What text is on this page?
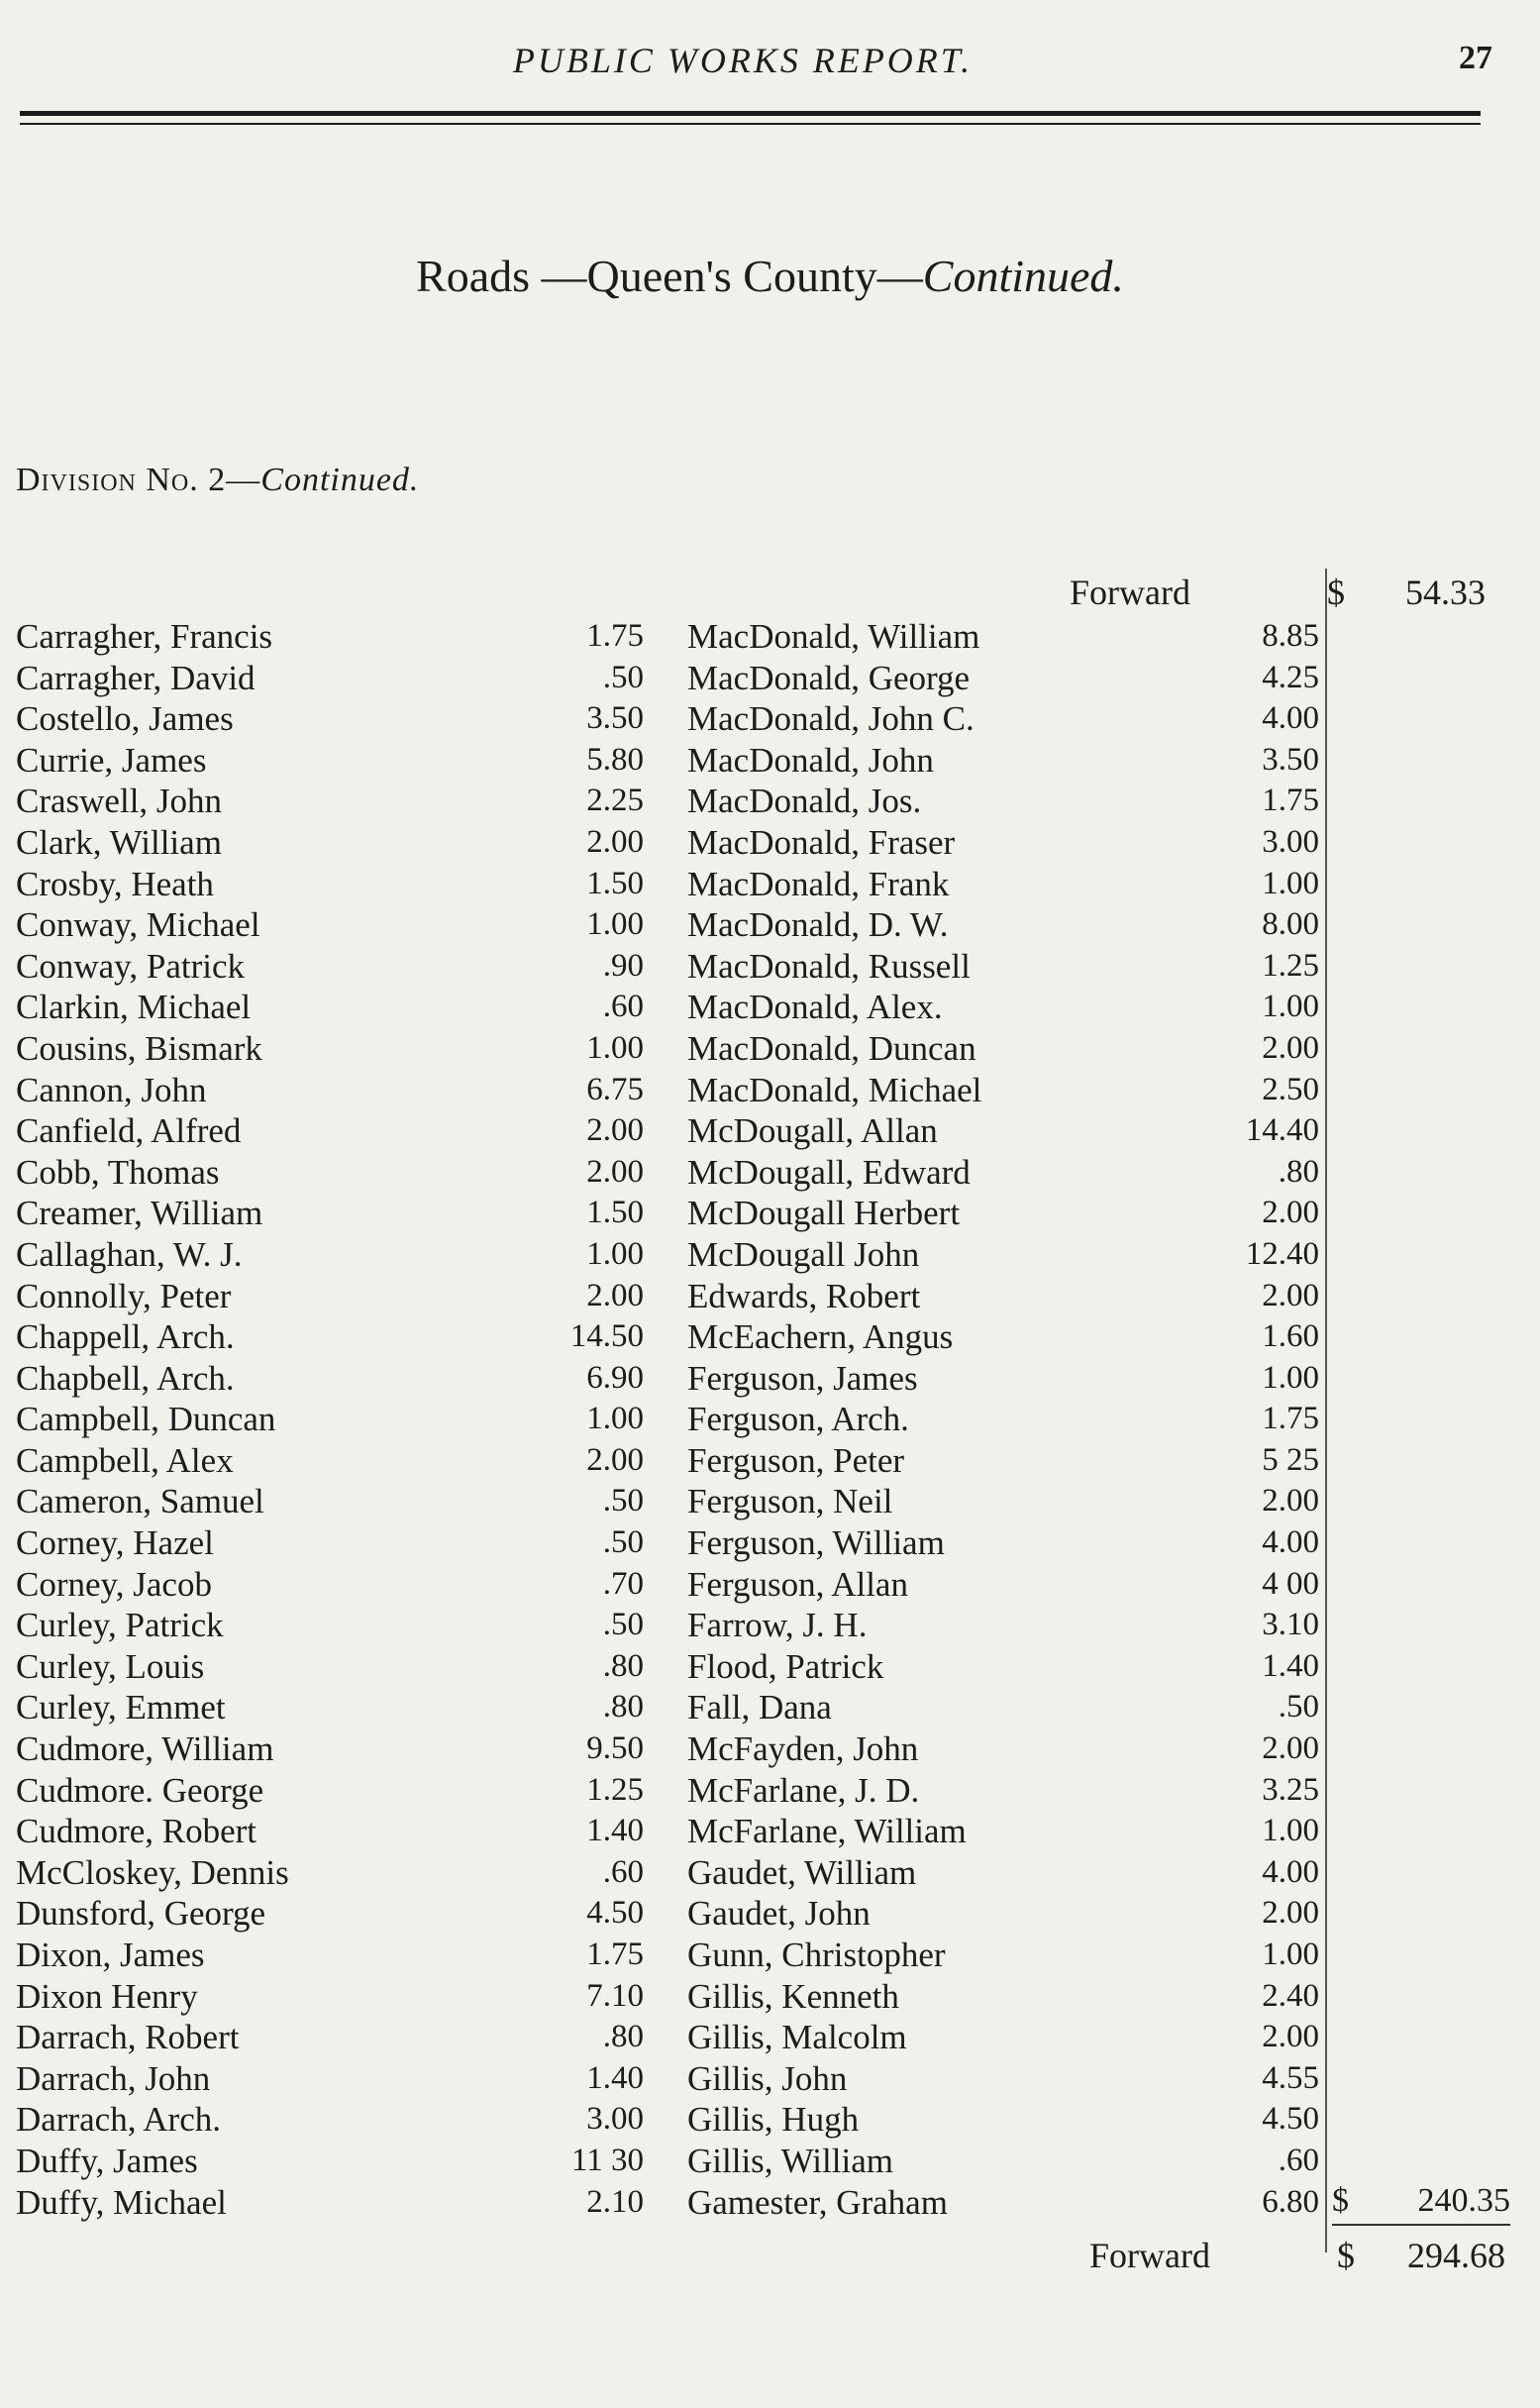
PUBLIC WORKS REPORT.	27
Roads —Queen's County—Continued.
Division No. 2—Continued.
Forward	$ 54.33
Carragher, Francis	1.75
Carragher, David	.50
Costello, James	3.50
Currie, James	5.80
Craswell, John	2.25
Clark, William	2.00
Crosby, Heath	1.50
Conway, Michael	1.00
Conway, Patrick	.90
Clarkin, Michael	.60
Cousins, Bismark	1.00
Cannon, John	6.75
Canfield, Alfred	2.00
Cobb, Thomas	2.00
Creamer, William	1.50
Callaghan, W. J.	1.00
Connolly, Peter	2.00
Chappell, Arch.	14.50
Chapbell, Arch.	6.90
Campbell, Duncan	1.00
Campbell, Alex	2.00
Cameron, Samuel	.50
Corney, Hazel	.50
Corney, Jacob	.70
Curley, Patrick	.50
Curley, Louis	.80
Curley, Emmet	.80
Cudmore, William	9.50
Cudmore. George	1.25
Cudmore, Robert	1.40
McCloskey, Dennis	.60
Dunsford, George	4.50
Dixon, James	1.75
Dixon Henry	7.10
Darrach, Robert	.80
Darrach, John	1.40
Darrach, Arch.	3.00
Duffy, James	11 30
Duffy, Michael	2.10
MacDonald, William	8.85
MacDonald, George	4.25
MacDonald, John C.	4.00
MacDonald, John	3.50
MacDonald, Jos.	1.75
MacDonald, Fraser	3.00
MacDonald, Frank	1.00
MacDonald, D. W.	8.00
MacDonald, Russell	1.25
MacDonald, Alex.	1.00
MacDonald, Duncan	2.00
MacDonald, Michael	2.50
McDougall, Allan	14.40
McDougall, Edward	.80
McDougall Herbert	2.00
McDougall John	12.40
Edwards, Robert	2.00
McEachern, Angus	1.60
Ferguson, James	1.00
Ferguson, Arch.	1.75
Ferguson, Peter	5 25
Ferguson, Neil	2.00
Ferguson, William	4.00
Ferguson, Allan	4 00
Farrow, J. H.	3.10
Flood, Patrick	1.40
Fall, Dana	.50
McFayden, John	2.00
McFarlane, J. D.	3.25
McFarlane, William	1.00
Gaudet, William	4.00
Gaudet, John	2.00
Gunn, Christopher	1.00
Gillis, Kenneth	2.40
Gillis, Malcolm	2.00
Gillis, John	4.55
Gillis, Hugh	4.50
Gillis, William	.60
Gamester, Graham	6.80 $ 240.35
Forward	$ 294.68
